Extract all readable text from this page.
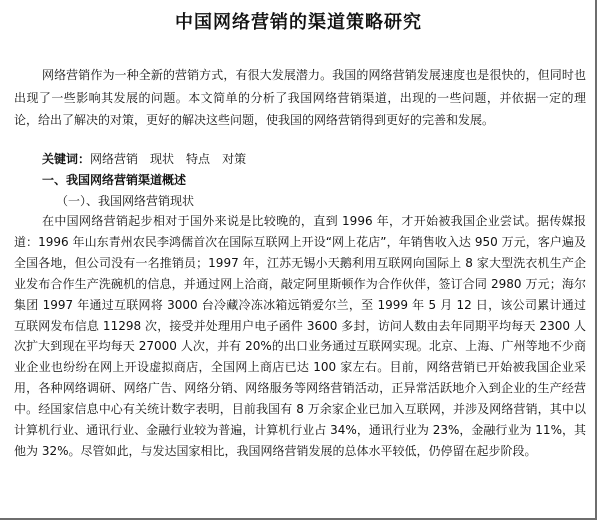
中国网络营销的渠道策略研究
网络营销作为一种全新的营销方式，有很大发展潜力。我国的网络营销发展速度也是很快的，但同时也出现了一些影响其发展的问题。本文简单的分析了我国网络营销渠道，出现的一些问题，并依据一定的理论，给出了解决的对策，更好的解决这些问题，使我国的网络营销得到更好的完善和发展。
关键词：网络营销 现状 特点 对策
一、我国网络营销渠道概述
（一）、我国网络营销现状
在中国网络营销起步相对于国外来说是比较晚的，直到 1996 年，才开始被我国企业尝试。据传媒报道：1996 年山东青州农民李鸿儒首次在国际互联网上开设“网上花店”，年销售收入达 950 万元，客户遍及全国各地，但公司没有一名推销员；1997 年，江苏无锡小天鹅利用互联网向国际上 8 家大型洗衣机生产企业发布合作生产洗碗机的信息，并通过网上洽商，敲定阿里斯顿作为合作伙伴，签订合同 2980 万元；海尔集团 1997 年通过互联网将 3000 台冷藏冷冻冰箱远销爱尔兰，至 1999 年 5 月 12 日，该公司累计通过互联网发布信息 11298 次，接受并处理用户电子函件 3600 多封，访问人数由去年同期平均每天 2300 人次扩大到现在平均每天 27000 人次，并有 20%的出口业务通过互联网实现。北京、上海、广州等地不少商业企业也纷纷在网上开设虚拟商店，全国网上商店已达 100 家左右。目前，网络营销已开始被我国企业采用，各种网络调研、网络广告、网络分销、网络服务等网络营销活动，正异常活跃地介入到企业的生产经营中。经国家信息中心有关统计数字表明，目前我国有 8 万余家企业已加入互联网，并涉及网络营销，其中以计算机行业、通讯行业、金融行业较为普遍，计算机行业占 34%，通讯行业为 23%，金融行业为 11%，其他为 32%。尽管如此，与发达国家相比，我国网络营销发展的总体水平较低，仍停留在起步阶段。
